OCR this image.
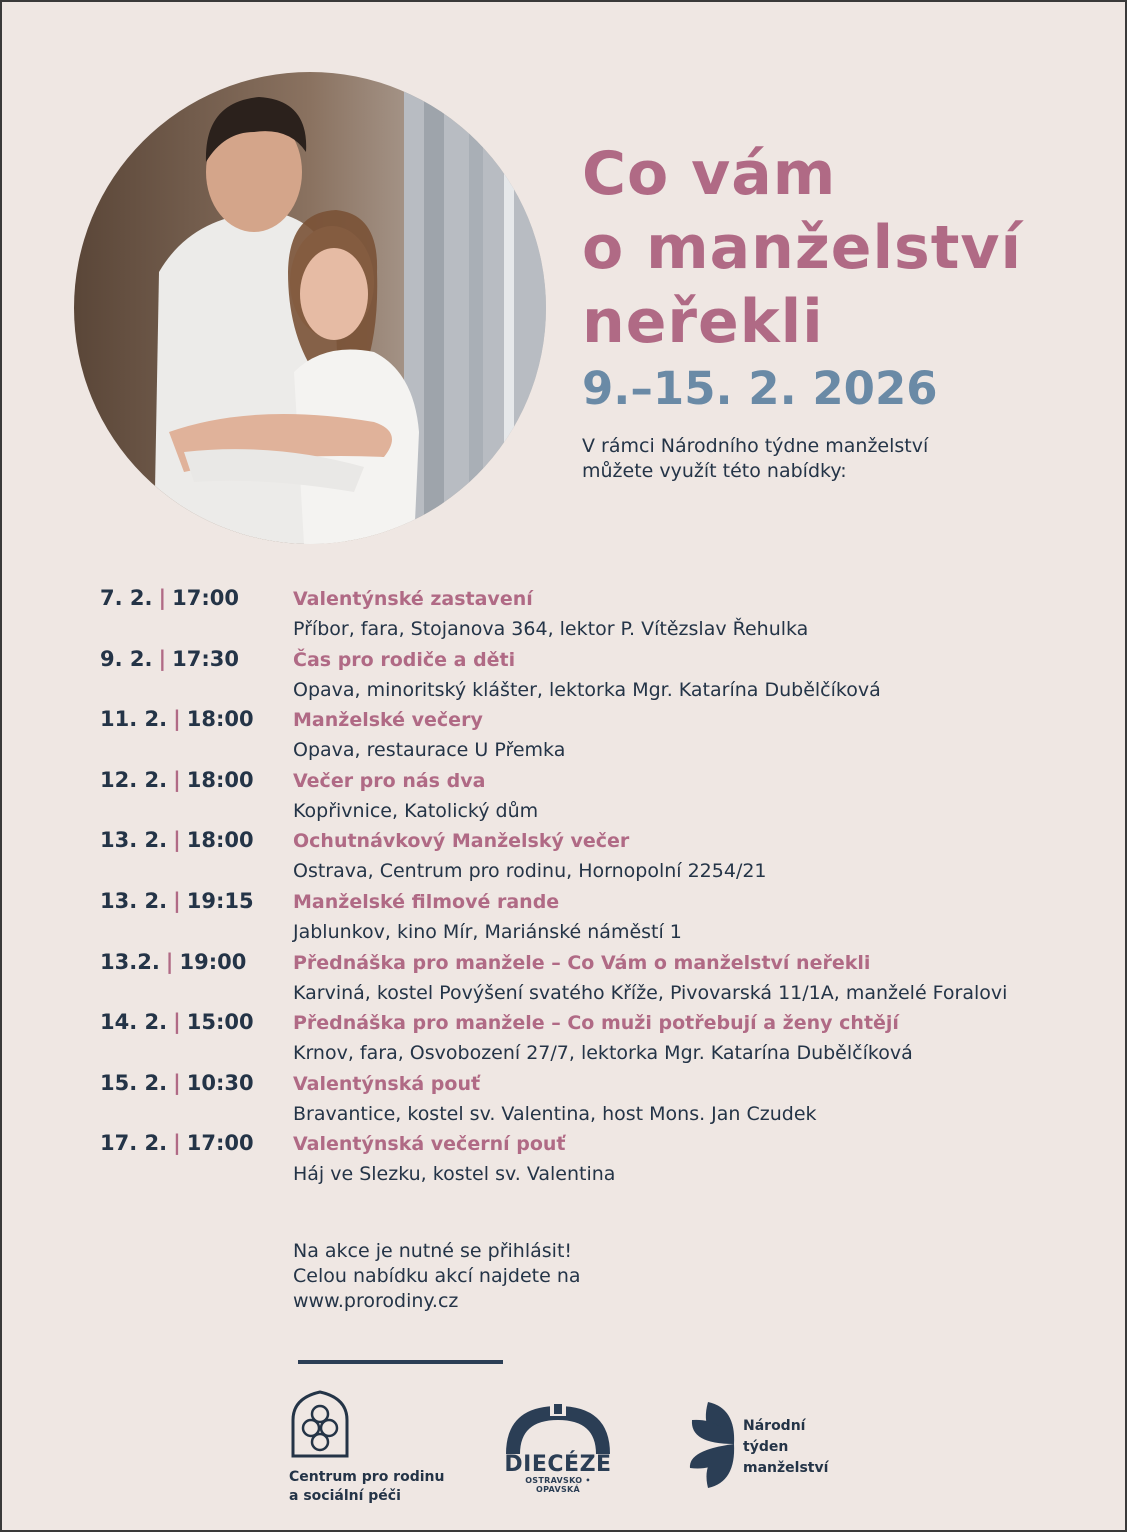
Co vám
o manželství
neřekli
9.–15. 2. 2026
V rámci Národního týdne manželství
můžete využít této nabídky:
7. 2. | 17:00	Valentýnské zastavení
Příbor, fara, Stojanova 364, lektor P. Vítězslav Řehulka
9. 2. | 17:30	Čas pro rodiče a děti
Opava, minoritský klášter, lektorka Mgr. Katarína Dubělčíková
11. 2. | 18:00 Manželské večery
Opava, restaurace U Přemka
12. 2. | 18:00 Večer pro nás dva
Kopřivnice, Katolický dům
13. 2. | 18:00 Ochutnávkový Manželský večer
Ostrava, Centrum pro rodinu, Hornopolní 2254/21
13. 2. | 19:15 Manželské filmové rande
Jablunkov, kino Mír, Mariánské náměstí 1
13.2. | 19:00 Přednáška pro manžele – Co Vám o manželství neřekli
Karviná, kostel Povýšení svatého Kříže, Pivovarská 11/1A, manželé Foralovi
14. 2. | 15:00 Přednáška pro manžele – Co muži potřebují a ženy chtějí
Krnov, fara, Osvobození 27/7, lektorka Mgr. Katarína Dubělčíková
15. 2. | 10:30 Valentýnská pouť
Bravantice, kostel sv. Valentina, host Mons. Jan Czudek
17. 2. | 17:00 Valentýnská večerní pouť
Háj ve Slezku, kostel sv. Valentina
Na akce je nutné se přihlásit!
Celou nabídku akcí najdete na
www.prorodiny.cz
Centrum pro rodinu
a sociální péči
DIECÉZE
OSTRAVSKO • OPAVSKÁ
Národní
týden
manželství
